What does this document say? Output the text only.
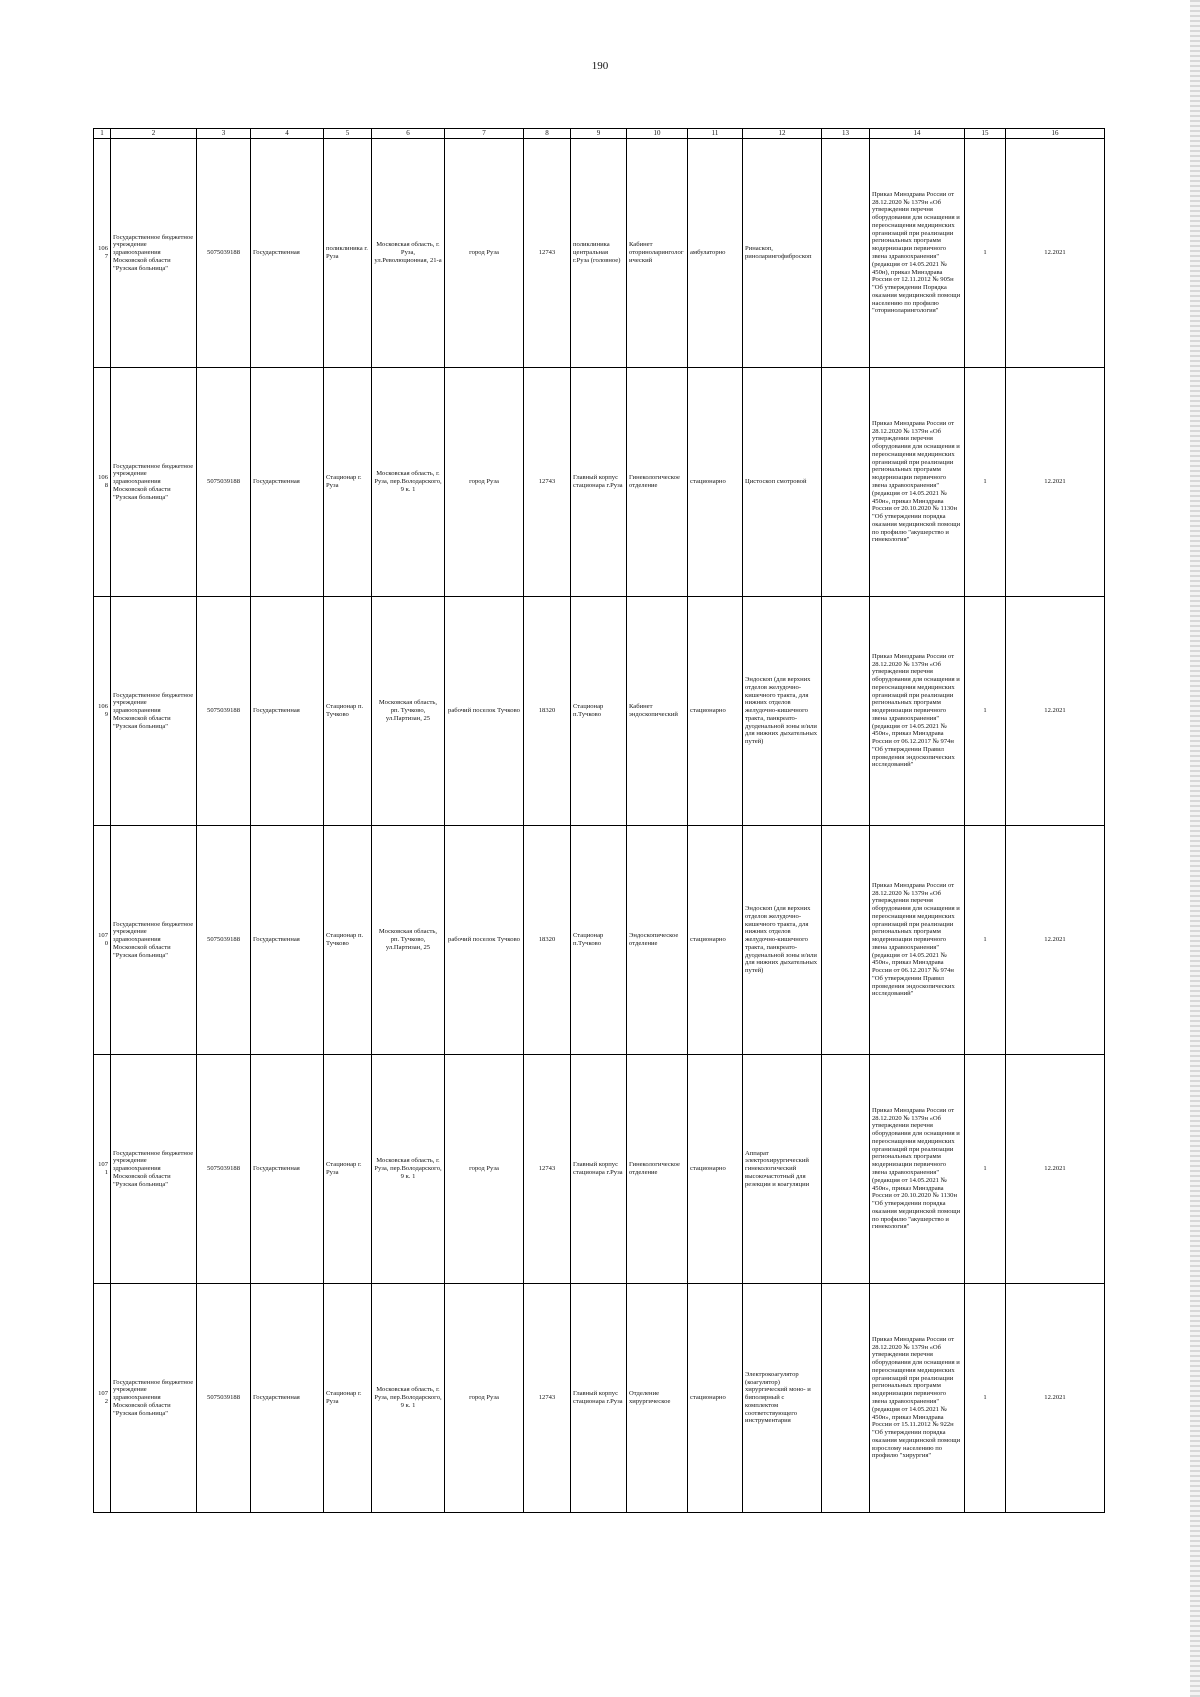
190
1	2	3	4	5	6	7	8	9	10	11	12	13	14	15	16
1067	Государственное бюджетное учреждение здравоохранения Московской области "Рузская больница"	5075039188	Государственная	поликлиника г. Руза	Московская область, г. Руза, ул.Революционная, 21-а	город Руза	12743	поликлиника центральная г.Руза (головное)	Кабинет оториноларингологический	амбулаторно	Ринаскоп, риноларингофиброскоп		Приказ Минздрава России от 28.12.2020 № 1379н «Об утверждении перечня оборудования для оснащения и переоснащения медицинских организаций при реализации региональных программ модернизации первичного звена здравоохранения"(редакция от 14.05.2021 № 450н), приказ Минздрава России от 12.11.2012 № 905н "Об утверждении Порядка оказания медицинской помощи населению по профилю "оториноларингология"	1	12.2021
1068	Государственное бюджетное учреждение здравоохранения Московской области "Рузская больница"	5075039188	Государственная	Стационар г. Руза	Московская область, г. Руза, пер.Володарского, 9 к. 1	город Руза	12743	Главный корпус стационара г.Руза	Гинекологическое отделение	стационарно	Цистоскоп смотровой		Приказ Минздрава России от 28.12.2020 № 1379н «Об утверждении перечня оборудования для оснащения и переоснащения медицинских организаций при реализации региональных программ модернизации первичного звена здравоохранения"(редакция от 14.05.2021 № 450н», приказ Минздрава России от 20.10.2020 № 1130н "Об утверждении порядка оказания медицинской помощи по профилю "акушерство и гинекология"	1	12.2021
1069	Государственное бюджетное учреждение здравоохранения Московской области "Рузская больница"	5075039188	Государственная	Стационар п. Тучково	Московская область, рп. Тучково, ул.Партизан, 25	рабочий поселок Тучково	18320	Стационар п.Тучково	Кабинет эндоскопический	стационарно	Эндоскоп (для верхних отделов желудочно-кишечного тракта, для нижних отделов желудочно-кишечного тракта, панкреато-дуоденальной зоны и/или для нижних дыхательных путей)		Приказ Минздрава России от 28.12.2020 № 1379н «Об утверждении перечня оборудования для оснащения и переоснащения медицинских организаций при реализации региональных программ модернизации первичного звена здравоохранения"(редакция от 14.05.2021 № 450н», приказ Минздрава России от 06.12.2017 № 974н "Об утверждении Правил проведения эндоскопических исследований"	1	12.2021
1070	Государственное бюджетное учреждение здравоохранения Московской области "Рузская больница"	5075039188	Государственная	Стационар п. Тучково	Московская область, рп. Тучково, ул.Партизан, 25	рабочий поселок Тучково	18320	Стационар п.Тучково	Эндоскопическое отделение	стационарно	Эндоскоп (для верхних отделов желудочно-кишечного тракта, для нижних отделов желудочно-кишечного тракта, панкреато-дуоденальной зоны и/или для нижних дыхательных путей)		Приказ Минздрава России от 28.12.2020 № 1379н «Об утверждении перечня оборудования для оснащения и переоснащения медицинских организаций при реализации региональных программ модернизации первичного звена здравоохранения"(редакция от 14.05.2021 № 450н», приказ Минздрава России от 06.12.2017 № 974н "Об утверждении Правил проведения эндоскопических исследований"	1	12.2021
1071	Государственное бюджетное учреждение здравоохранения Московской области "Рузская больница"	5075039188	Государственная	Стационар г. Руза	Московская область, г. Руза, пер.Володарского, 9 к. 1	город Руза	12743	Главный корпус стационара г.Руза	Гинекологическое отделение	стационарно	Аппарат электрохирургический гинекологический высокочастотный для резекции и коагуляции		Приказ Минздрава России от 28.12.2020 № 1379н «Об утверждении перечня оборудования для оснащения и переоснащения медицинских организаций при реализации региональных программ модернизации первичного звена здравоохранения"(редакция от 14.05.2021 № 450н», приказ Минздрава России от 20.10.2020 № 1130н "Об утверждении порядка оказания медицинской помощи по профилю "акушерство и гинекология"	1	12.2021
1072	Государственное бюджетное учреждение здравоохранения Московской области "Рузская больница"	5075039188	Государственная	Стационар г. Руза	Московская область, г. Руза, пер.Володарского, 9 к. 1	город Руза	12743	Главный корпус стационара г.Руза	Отделение хирургическое	стационарно	Электрокоагулятор (коагулятор) хирургический моно- и биполярный с комплектом соответствующего инструментария		Приказ Минздрава России от 28.12.2020 № 1379н «Об утверждении перечня оборудования для оснащения и переоснащения медицинских организаций при реализации региональных программ модернизации первичного звена здравоохранения"(редакция от 14.05.2021 № 450н», приказ Минздрава России от 15.11.2012 № 922н "Об утверждении порядка оказания медицинской помощи взрослому населению по профилю "хирургия"	1	12.2021
